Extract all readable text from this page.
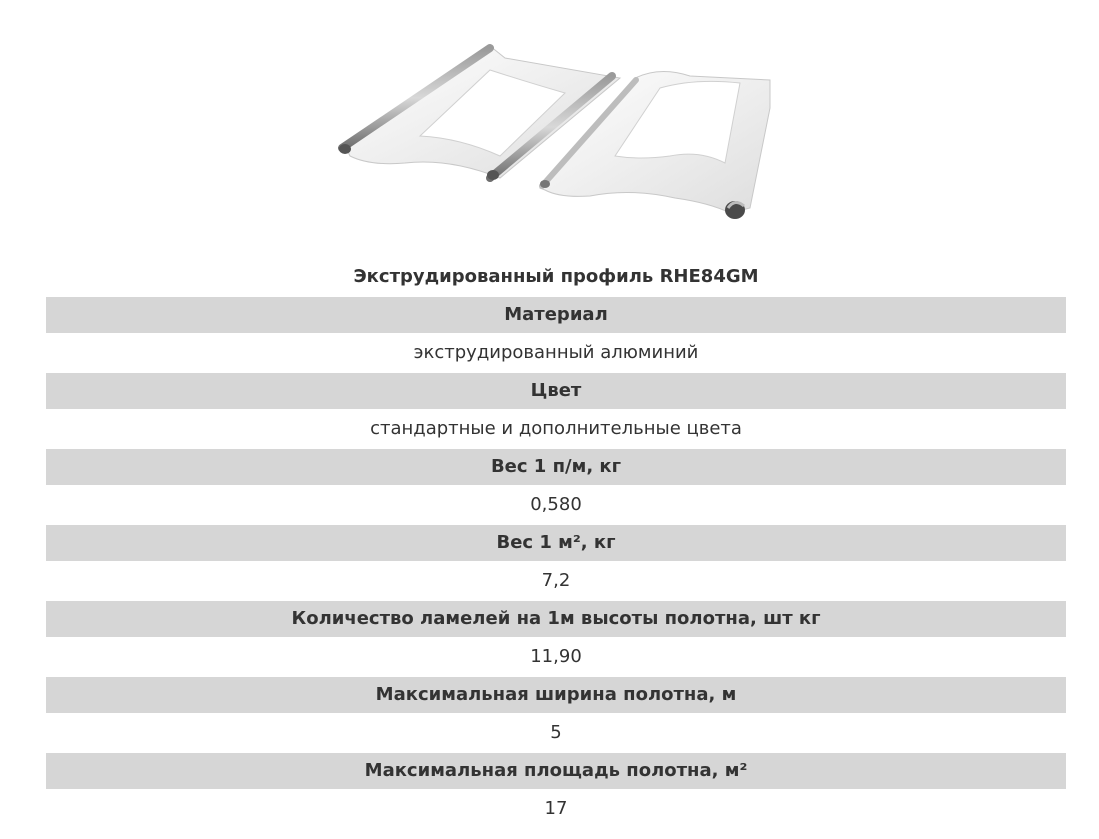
Экструдированный профиль RHE84GM
Материал
экструдированный алюминий
Цвет
стандартные и дополнительные цвета
Вес 1 п/м, кг
0,580
Вес 1 м², кг
7,2
Количество ламелей на 1м высоты полотна, шт кг
11,90
Максимальная ширина полотна, м
5
Максимальная площадь полотна, м²
17
